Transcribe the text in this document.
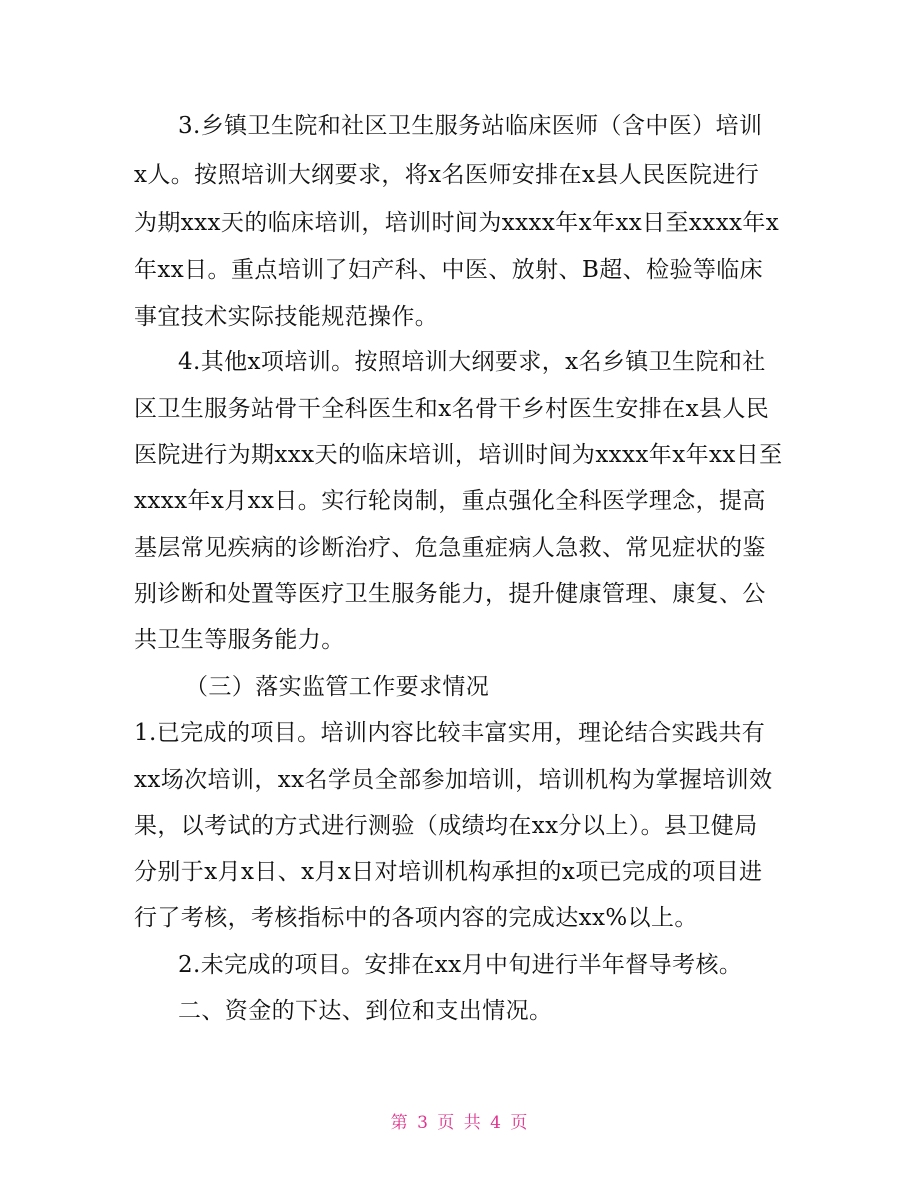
3.乡镇卫生院和社区卫生服务站临床医师（含中医）培训
x人。按照培训大纲要求，将x名医师安排在x县人民医院进行
为期xxx天的临床培训，培训时间为xxxx年x年xx日至xxxx年x
年xx日。重点培训了妇产科、中医、放射、B超、检验等临床
事宜技术实际技能规范操作。
4.其他x项培训。按照培训大纲要求，x名乡镇卫生院和社
区卫生服务站骨干全科医生和x名骨干乡村医生安排在x县人民
医院进行为期xxx天的临床培训，培训时间为xxxx年x年xx日至
xxxx年x月xx日。实行轮岗制，重点强化全科医学理念，提高
基层常见疾病的诊断治疗、危急重症病人急救、常见症状的鉴
别诊断和处置等医疗卫生服务能力，提升健康管理、康复、公
共卫生等服务能力。
（三）落实监管工作要求情况
1.已完成的项目。培训内容比较丰富实用，理论结合实践共有
xx场次培训，xx名学员全部参加培训，培训机构为掌握培训效
果，以考试的方式进行测验（成绩均在xx分以上）。县卫健局
分别于x月x日、x月x日对培训机构承担的x项已完成的项目进
行了考核，考核指标中的各项内容的完成达xx%以上。
2.未完成的项目。安排在xx月中旬进行半年督导考核。
二、资金的下达、到位和支出情况。
第 3 页 共 4 页
